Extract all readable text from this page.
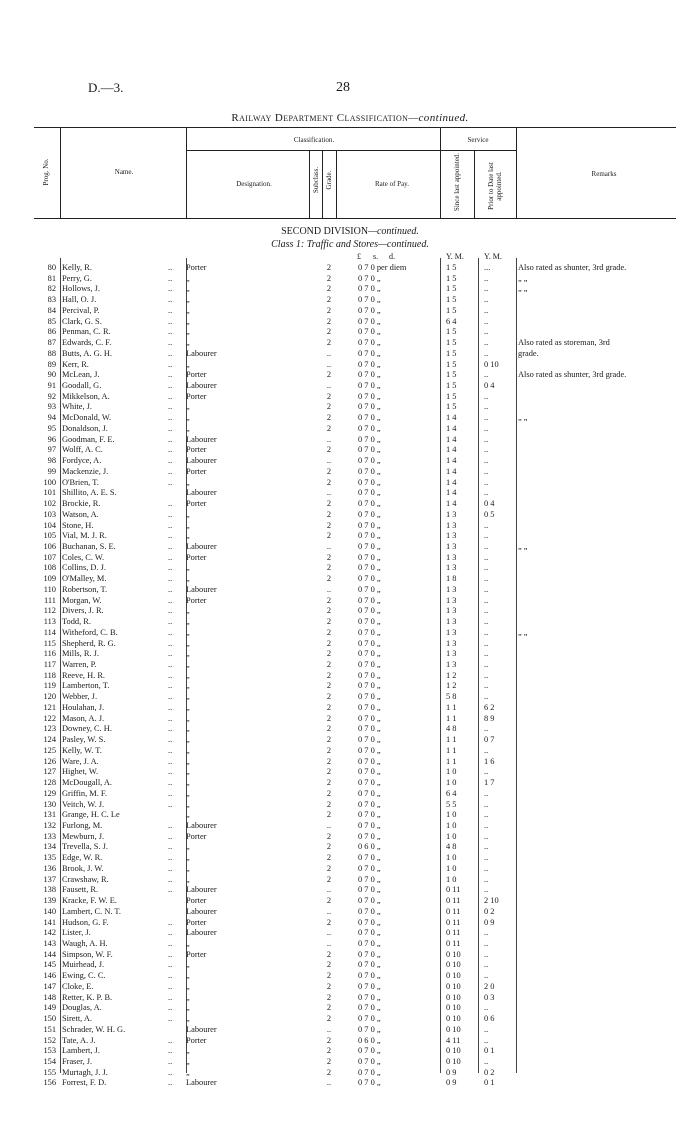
D.—3.	28
Railway Department Classification—continued.
Prog. No.	Name.
Classification.
Designation.	Subclass. Grade.	Rate of Pay.
Service
Since last appointed.	Prior to Date last appointed.	Remarks
SECOND DIVISION—continued.
Class 1: Traffic and Stores—continued.
£ s. d.	Y. M.	Y. M.
80 Kelly, R.	.. Porter	2	0 7 0 per diem	1 5	...	Also rated as shunter, 3rd grade.
81 Perry, G.	.. „	2	0 7 0 „	1 5	..	„ „
82 Hollows, J.	.. „	2	0 7 0 „	1 5	..	„ „
83 Hall, O. J.	.. „	2	0 7 0 „	1 5	..
84 Percival, P.	.. „	2	0 7 0 „	1 5	..
85 Clark, G. S.	.. „	2	0 7 0 „	6 4	..
86 Penman, C. R.	.. „	2	0 7 0 „	1 5	..
87 Edwards, C. F.	.. „	2	0 7 0 „	1 5	..	Also rated as storeman, 3rd
88 Butts, A. G. H.	.. Labourer	..	0 7 0 „	1 5	..	grade.
89 Kerr, R.	.. „	..	0 7 0 „	1 5	0 10
90 McLean, J.	.. Porter	2	0 7 0 „	1 5	..	Also rated as shunter, 3rd grade.
91 Goodall, G.	.. Labourer	..	0 7 0 „	1 5	0 4
92 Mikkelson, A.	.. Porter	2	0 7 0 „	1 5	..
93 White, J.	.. „	2	0 7 0 „	1 5	..
94 McDonald, W.	.. „	2	0 7 0 „	1 4	..	„ „
95 Donaldson, J.	.. „	2	0 7 0 „	1 4	..
96 Goodman, F. E.	.. Labourer	..	0 7 0 „	1 4	..
97 Wolff, A. C.	.. Porter	2	0 7 0 „	1 4	..
98 Fordyce, A.	.. Labourer	..	0 7 0 „	1 4	..
99 Mackenzie, J.	.. Porter	2	0 7 0 „	1 4	..
100 O'Brien, T.	.. „	2	0 7 0 „	1 4	..
101 Shillito, A. E. S.	Labourer	..	0 7 0 „	1 4	..
102 Brockie, R.	.. Porter	2	0 7 0 „	1 4	0 4
103 Watson, A.	.. „	2	0 7 0 „	1 3	0 5
104 Stone, H.	.. „	2	0 7 0 „	1 3	..
105 Vial, M. J. R.	.. „	2	0 7 0 „	1 3	..
106 Buchanan, S. E.	.. Labourer	..	0 7 0 „	1 3	..	„ „
107 Coles, C. W.	.. Porter	2	0 7 0 „	1 3	..
108 Collins, D. J.	.. „	2	0 7 0 „	1 3	..
109 O'Malley, M.	.. „	2	0 7 0 „	1 8	..
110 Robertson, T.	.. Labourer	..	0 7 0 „	1 3	..
111 Morgan, W.	.. Porter	2	0 7 0 „	1 3	..
112 Divers, J. R.	.. „	2	0 7 0 „	1 3	..
113 Todd, R.	.. „	2	0 7 0 „	1 3	..
114 Witheford, C. B.	.. „	2	0 7 0 „	1 3	..	„ „
115 Shepherd, R. G.	.. „	2	0 7 0 „	1 3	..
116 Mills, R. J.	.. „	2	0 7 0 „	1 3	..
117 Warren, P.	.. „	2	0 7 0 „	1 3	..
118 Reeve, H. R.	.. „	2	0 7 0 „	1 2	..
119 Lamberton, T.	.. „	2	0 7 0 „	1 2	..
120 Webber, J.	.. „	2	0 7 0 „	5 8	..
121 Houlahan, J.	.. „	2	0 7 0 „	1 1	6 2
122 Mason, A. J.	.. „	2	0 7 0 „	1 1	8 9
123 Downey, C. H.	.. „	2	0 7 0 „	4 8	..
124 Pasley, W. S.	.. „	2	0 7 0 „	1 1	0 7
125 Kelly, W. T.	.. „	2	0 7 0 „	1 1	..
126 Ware, J. A.	.. „	2	0 7 0 „	1 1	1 6
127 Highet, W.	.. „	2	0 7 0 „	1 0	..
128 McDougall, A.	.. „	2	0 7 0 „	1 0	1 7
129 Griffin, M. F.	.. „	2	0 7 0 „	6 4	..
130 Veitch, W. J.	.. „	2	0 7 0 „	5 5	..
131 Grange, H. C. Le	„	2	0 7 0 „	1 0	..
132 Furlong, M.	.. Labourer	..	0 7 0 „	1 0	..
133 Mewburn, J.	.. Porter	2	0 7 0 „	1 0	..
134 Trevella, S. J.	.. „	2	0 6 0 „	4 8	..
135 Edge, W. R.	.. „	2	0 7 0 „	1 0	..
136 Brook, J. W.	.. „	2	0 7 0 „	1 0	..
137 Crawshaw, R.	.. „	2	0 7 0 „	1 0	..
138 Fausett, R.	.. Labourer	..	0 7 0 „	0 11	..
139 Kracke, F. W. E.	Porter	2	0 7 0 „	0 11	2 10
140 Lambert, C. N. T.	Labourer	..	0 7 0 „	0 11	0 2
141 Hudson, G. F.	.. Porter	2	0 7 0 „	0 11	0 9
142 Lister, J.	.. Labourer	..	0 7 0 „	0 11	..
143 Waugh, A. H.	.. „	..	0 7 0 „	0 11	..
144 Simpson, W. F.	.. Porter	2	0 7 0 „	0 10	..
145 Muirhead, J.	.. „	2	0 7 0 „	0 10	..
146 Ewing, C. C.	.. „	2	0 7 0 „	0 10	..
147 Cloke, E.	.. „	2	0 7 0 „	0 10	2 0
148 Retter, K. P. B.	.. „	2	0 7 0 „	0 10	0 3
149 Douglas, A.	.. „	2	0 7 0 „	0 10	..
150 Sirett, A.	.. „	2	0 7 0 „	0 10	0 6
151 Schrader, W. H. G.	Labourer	..	0 7 0 „	0 10	..
152 Tate, A. J.	.. Porter	2	0 6 0 „	4 11	..
153 Lambert, J.	.. „	2	0 7 0 „	0 10	0 1
154 Fraser, J.	.. „	2	0 7 0 „	0 10	..
155 Murtagh, J. J.	.. „	2	0 7 0 „	0 9	0 2
156 Forrest, F. D.	.. Labourer	..	0 7 0 „	0 9	0 1
